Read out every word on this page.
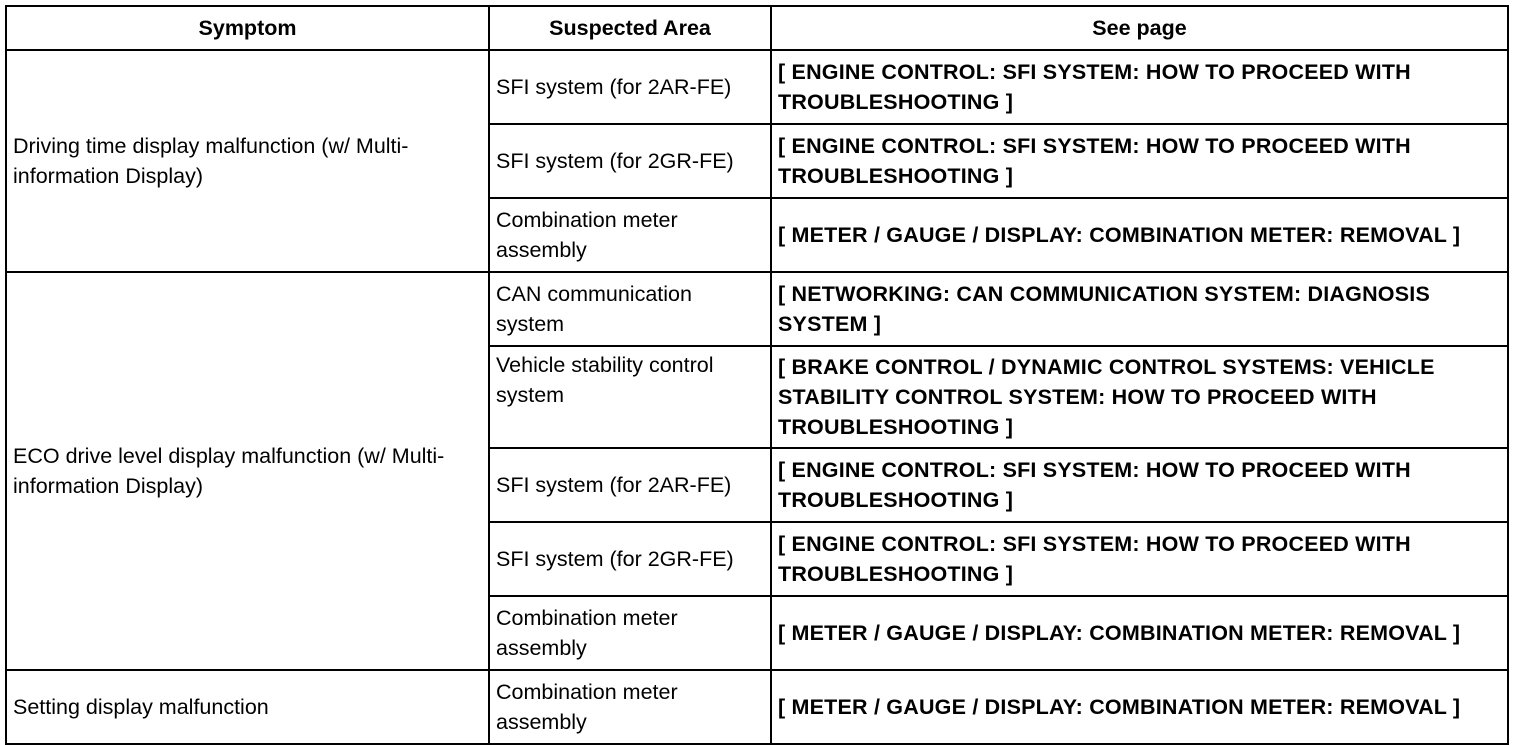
Symptom	Suspected Area	See page
Driving time display malfunction (w/ Multi-information Display)	SFI system (for 2AR-FE)	[ ENGINE CONTROL: SFI SYSTEM: HOW TO PROCEED WITH TROUBLESHOOTING ]
	SFI system (for 2GR-FE)	[ ENGINE CONTROL: SFI SYSTEM: HOW TO PROCEED WITH TROUBLESHOOTING ]
	Combination meter assembly	[ METER / GAUGE / DISPLAY: COMBINATION METER: REMOVAL ]
ECO drive level display malfunction (w/ Multi-information Display)	CAN communication system	[ NETWORKING: CAN COMMUNICATION SYSTEM: DIAGNOSIS SYSTEM ]
	Vehicle stability control system	[ BRAKE CONTROL / DYNAMIC CONTROL SYSTEMS: VEHICLE STABILITY CONTROL SYSTEM: HOW TO PROCEED WITH TROUBLESHOOTING ]
	SFI system (for 2AR-FE)	[ ENGINE CONTROL: SFI SYSTEM: HOW TO PROCEED WITH TROUBLESHOOTING ]
	SFI system (for 2GR-FE)	[ ENGINE CONTROL: SFI SYSTEM: HOW TO PROCEED WITH TROUBLESHOOTING ]
	Combination meter assembly	[ METER / GAUGE / DISPLAY: COMBINATION METER: REMOVAL ]
Setting display malfunction	Combination meter assembly	[ METER / GAUGE / DISPLAY: COMBINATION METER: REMOVAL ]
